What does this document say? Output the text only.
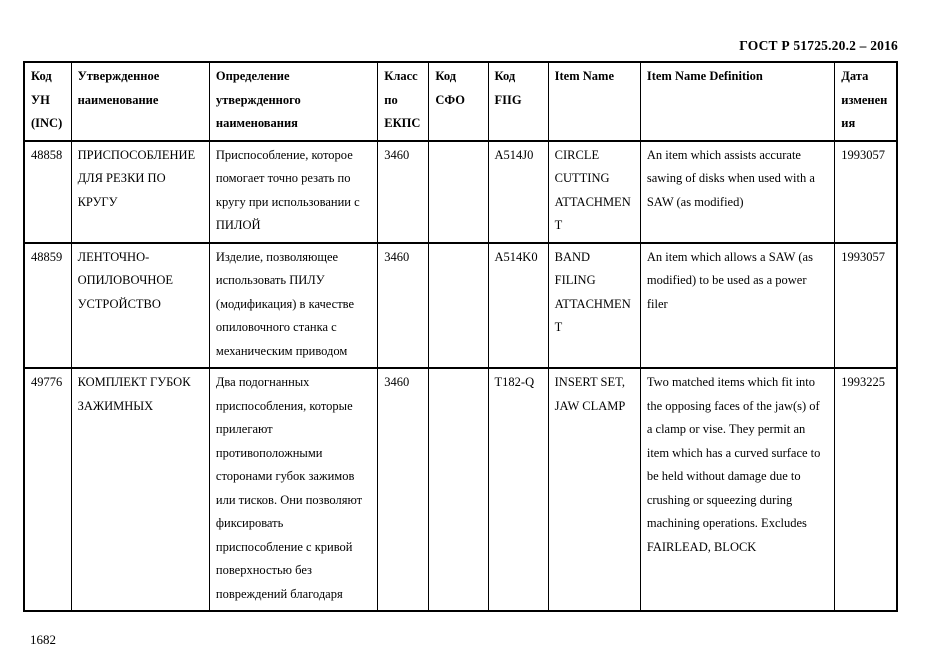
ГОСТ Р 51725.20.2 – 2016

Код УН (INC)	Утвержденное наименование	Определение утвержденного наименования	Класс по ЕКПС	Код СФО	Код FIIG	Item Name	Item Name Definition	Дата изменения
48858	ПРИСПОСОБЛЕНИЕ ДЛЯ РЕЗКИ ПО КРУГУ	Приспособление, которое помогает точно резать по кругу при использовании с ПИЛОЙ	3460		A514J0	CIRCLE CUTTING ATTACHMENT	An item which assists accurate sawing of disks when used with a SAW (as modified)	1993057
48859	ЛЕНТОЧНО-ОПИЛОВОЧНОЕ УСТРОЙСТВО	Изделие, позволяющее использовать ПИЛУ (модификация) в качестве опиловочного станка с механическим приводом	3460		A514K0	BAND FILING ATTACHMENT	An item which allows a SAW (as modified) to be used as a power filer	1993057
49776	КОМПЛЕКТ ГУБОК ЗАЖИМНЫХ	Два подогнанных приспособления, которые прилегают противоположными сторонами губок зажимов или тисков. Они позволяют фиксировать приспособление с кривой поверхностью без повреждений благодаря	3460		T182-Q	INSERT SET, JAW CLAMP	Two matched items which fit into the opposing faces of the jaw(s) of a clamp or vise. They permit an item which has a curved surface to be held without damage due to crushing or squeezing during machining operations. Excludes FAIRLEAD, BLOCK	1993225

1682
